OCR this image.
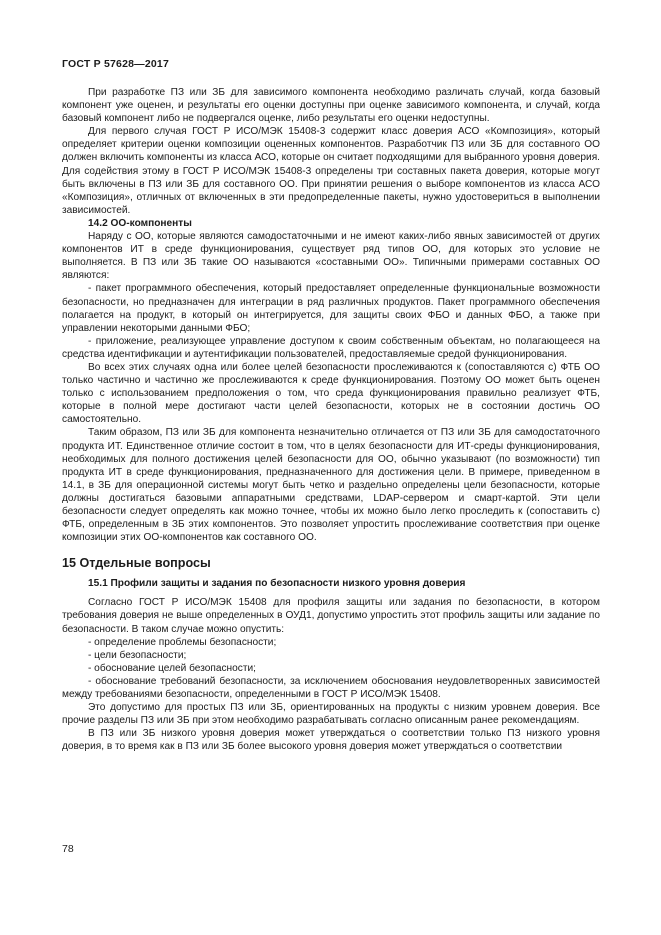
ГОСТ Р 57628—2017

При разработке ПЗ или ЗБ для зависимого компонента необходимо различать случай, когда базовый компонент уже оценен, и результаты его оценки доступны при оценке зависимого компонента, и случай, когда базовый компонент либо не подвергался оценке, либо результаты его оценки недоступны.

Для первого случая ГОСТ Р ИСО/МЭК 15408-3 содержит класс доверия АСО «Композиция», который определяет критерии оценки композиции оцененных компонентов. Разработчик ПЗ или ЗБ для составного ОО должен включить компоненты из класса АСО, которые он считает подходящими для выбранного уровня доверия. Для содействия этому в ГОСТ Р ИСО/МЭК 15408-3 определены три составных пакета доверия, которые могут быть включены в ПЗ или ЗБ для составного ОО. При принятии решения о выборе компонентов из класса АСО «Композиция», отличных от включенных в эти предопределенные пакеты, нужно удостовериться в выполнении зависимостей.

14.2 ОО-компоненты

Наряду с ОО, которые являются самодостаточными и не имеют каких-либо явных зависимостей от других компонентов ИТ в среде функционирования, существует ряд типов ОО, для которых это условие не выполняется. В ПЗ или ЗБ такие ОО называются «составными ОО». Типичными примерами составных ОО являются:

- пакет программного обеспечения, который предоставляет определенные функциональные возможности безопасности, но предназначен для интеграции в ряд различных продуктов. Пакет программного обеспечения полагается на продукт, в который он интегрируется, для защиты своих ФБО и данных ФБО, а также при управлении некоторыми данными ФБО;

- приложение, реализующее управление доступом к своим собственным объектам, но полагающееся на средства идентификации и аутентификации пользователей, предоставляемые средой функционирования.

Во всех этих случаях одна или более целей безопасности прослеживаются к (сопоставляются с) ФТБ ОО только частично и частично же прослеживаются к среде функционирования. Поэтому ОО может быть оценен только с использованием предположения о том, что среда функционирования правильно реализует ФТБ, которые в полной мере достигают части целей безопасности, которых не в состоянии достичь ОО самостоятельно.

Таким образом, ПЗ или ЗБ для компонента незначительно отличается от ПЗ или ЗБ для самодостаточного продукта ИТ. Единственное отличие состоит в том, что в целях безопасности для ИТ-среды функционирования, необходимых для полного достижения целей безопасности для ОО, обычно указывают (по возможности) тип продукта ИТ в среде функционирования, предназначенного для достижения цели. В примере, приведенном в 14.1, в ЗБ для операционной системы могут быть четко и раздельно определены цели безопасности, которые должны достигаться базовыми аппаратными средствами, LDAP-сервером и смарт-картой. Эти цели безопасности следует определять как можно точнее, чтобы их можно было легко проследить к (сопоставить с) ФТБ, определенным в ЗБ этих компонентов. Это позволяет упростить прослеживание соответствия при оценке композиции этих ОО-компонентов как составного ОО.

15 Отдельные вопросы
15.1 Профили защиты и задания по безопасности низкого уровня доверия

Согласно ГОСТ Р ИСО/МЭК 15408 для профиля защиты или задания по безопасности, в котором требования доверия не выше определенных в ОУД1, допустимо упростить этот профиль защиты или задание по безопасности. В таком случае можно опустить:

- определение проблемы безопасности;

- цели безопасности;

- обоснование целей безопасности;

- обоснование требований безопасности, за исключением обоснования неудовлетворенных зависимостей между требованиями безопасности, определенными в ГОСТ Р ИСО/МЭК 15408.

Это допустимо для простых ПЗ или ЗБ, ориентированных на продукты с низким уровнем доверия. Все прочие разделы ПЗ или ЗБ при этом необходимо разрабатывать согласно описанным ранее рекомендациям.

В ПЗ или ЗБ низкого уровня доверия может утверждаться о соответствии только ПЗ низкого уровня доверия, в то время как в ПЗ или ЗБ более высокого уровня доверия может утверждаться о соответствии

78
